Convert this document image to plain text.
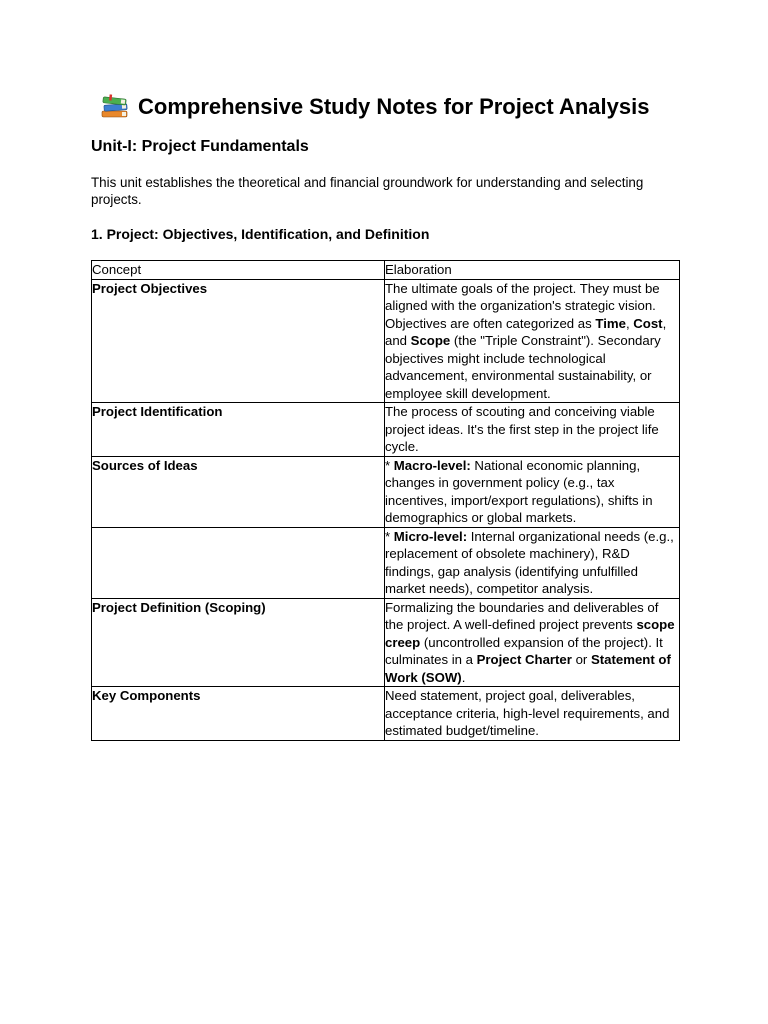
Comprehensive Study Notes for Project Analysis
Unit-I: Project Fundamentals
This unit establishes the theoretical and financial groundwork for understanding and selecting projects.
1. Project: Objectives, Identification, and Definition
Concept	Elaboration
Project Objectives	The ultimate goals of the project. They must be aligned with the organization's strategic vision. Objectives are often categorized as Time, Cost, and Scope (the "Triple Constraint"). Secondary objectives might include technological advancement, environmental sustainability, or employee skill development.
Project Identification	The process of scouting and conceiving viable project ideas. It's the first step in the project life cycle.
Sources of Ideas	* Macro-level: National economic planning, changes in government policy (e.g., tax incentives, import/export regulations), shifts in demographics or global markets.
	* Micro-level: Internal organizational needs (e.g., replacement of obsolete machinery), R&D findings, gap analysis (identifying unfulfilled market needs), competitor analysis.
Project Definition (Scoping)	Formalizing the boundaries and deliverables of the project. A well-defined project prevents scope creep (uncontrolled expansion of the project). It culminates in a Project Charter or Statement of Work (SOW).
Key Components	Need statement, project goal, deliverables, acceptance criteria, high-level requirements, and estimated budget/timeline.
